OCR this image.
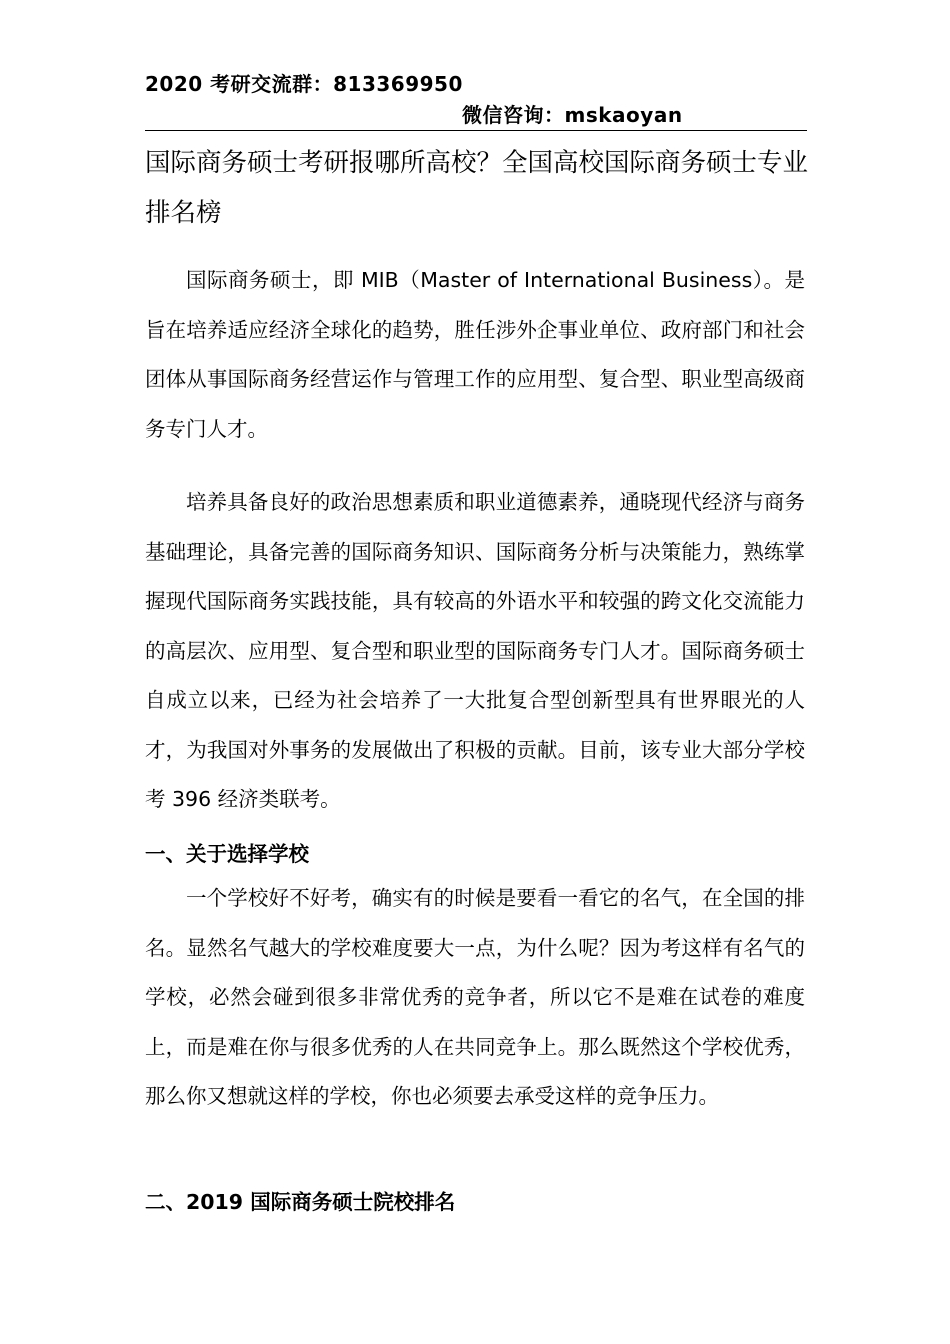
2020 考研交流群：813369950
微信咨询：mskaoyan
国际商务硕士考研报哪所高校？全国高校国际商务硕士专业排名榜

国际商务硕士，即 MIB（Master of International Business）。是旨在培养适应经济全球化的趋势，胜任涉外企事业单位、政府部门和社会团体从事国际商务经营运作与管理工作的应用型、复合型、职业型高级商务专门人才。

培养具备良好的政治思想素质和职业道德素养，通晓现代经济与商务基础理论，具备完善的国际商务知识、国际商务分析与决策能力，熟练掌握现代国际商务实践技能，具有较高的外语水平和较强的跨文化交流能力的高层次、应用型、复合型和职业型的国际商务专门人才。国际商务硕士自成立以来，已经为社会培养了一大批复合型创新型具有世界眼光的人才，为我国对外事务的发展做出了积极的贡献。目前，该专业大部分学校考 396 经济类联考。

一、关于选择学校

一个学校好不好考，确实有的时候是要看一看它的名气，在全国的排名。显然名气越大的学校难度要大一点，为什么呢？因为考这样有名气的学校，必然会碰到很多非常优秀的竞争者，所以它不是难在试卷的难度上，而是难在你与很多优秀的人在共同竞争上。那么既然这个学校优秀，那么你又想就这样的学校，你也必须要去承受这样的竞争压力。

二、2019 国际商务硕士院校排名
